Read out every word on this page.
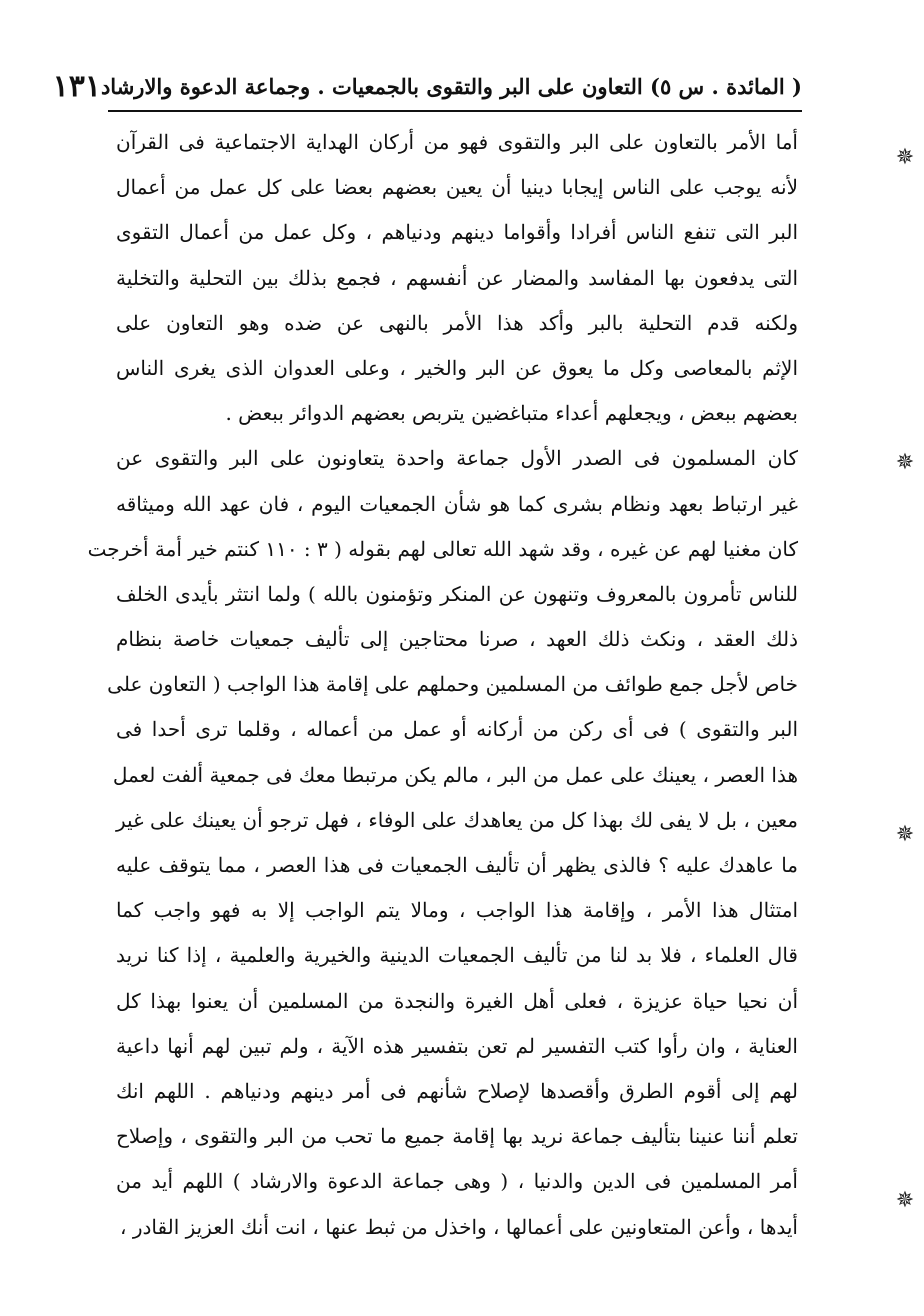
( المائدة . س ٥) التعاون على البر والتقوى بالجمعيات . وجماعة الدعوة والارشاد
١٣١
أما الأمر بالتعاون على البر والتقوى فهو من أركان الهداية الاجتماعية فى القرآن
لأنه يوجب على الناس إيجابا دينيا أن يعين بعضهم بعضا على كل عمل من أعمال
البر التى تنفع الناس أفرادا وأقواما دينهم ودنياهم ، وكل عمل من أعمال التقوى
التى يدفعون بها المفاسد والمضار عن أنفسهم ، فجمع بذلك بين التحلية والتخلية
ولكنه قدم التحلية بالبر وأكد هذا الأمر بالنهى عن ضده وهو التعاون على
الإثم بالمعاصى وكل ما يعوق عن البر والخير ، وعلى العدوان الذى يغرى الناس
بعضهم ببعض ، ويجعلهم أعداء متباغضين يتربص بعضهم الدوائر ببعض .
كان المسلمون فى الصدر الأول جماعة واحدة يتعاونون على البر والتقوى عن
غير ارتباط بعهد ونظام بشرى كما هو شأن الجمعيات اليوم ، فان عهد الله وميثاقه
كان مغنيا لهم عن غيره ، وقد شهد الله تعالى لهم بقوله ( ٣ : ١١٠ كنتم خير أمة أخرجت
للناس تأمرون بالمعروف وتنهون عن المنكر وتؤمنون بالله ) ولما انتثر بأيدى الخلف
ذلك العقد ، ونكث ذلك العهد ، صرنا محتاجين إلى تأليف جمعيات خاصة بنظام
خاص لأجل جمع طوائف من المسلمين وحملهم على إقامة هذا الواجب ( التعاون على
البر والتقوى ) فى أى ركن من أركانه أو عمل من أعماله ، وقلما ترى أحدا فى
هذا العصر ، يعينك على عمل من البر ، مالم يكن مرتبطا معك فى جمعية ألفت لعمل
معين ، بل لا يفى لك بهذا كل من يعاهدك على الوفاء ، فهل ترجو أن يعينك على غير
ما عاهدك عليه ؟ فالذى يظهر أن تأليف الجمعيات فى هذا العصر ، مما يتوقف عليه
امتثال هذا الأمر ، وإقامة هذا الواجب ، ومالا يتم الواجب إلا به فهو واجب كما
قال العلماء ، فلا بد لنا من تأليف الجمعيات الدينية والخيرية والعلمية ، إذا كنا نريد
أن نحيا حياة عزيزة ، فعلى أهل الغيرة والنجدة من المسلمين أن يعنوا بهذا كل
العناية ، وان رأوا كتب التفسير لم تعن بتفسير هذه الآية ، ولم تبين لهم أنها داعية
لهم إلى أقوم الطرق وأقصدها لإصلاح شأنهم فى أمر دينهم ودنياهم . اللهم انك
تعلم أننا عنينا بتأليف جماعة نريد بها إقامة جميع ما تحب من البر والتقوى ، وإصلاح
أمر المسلمين فى الدين والدنيا ، ( وهى جماعة الدعوة والارشاد ) اللهم أيد من
أيدها ، وأعن المتعاونين على أعمالها ، واخذل من ثبط عنها ، انت أنك العزيز القادر ،
✵
✵
✵
✵
